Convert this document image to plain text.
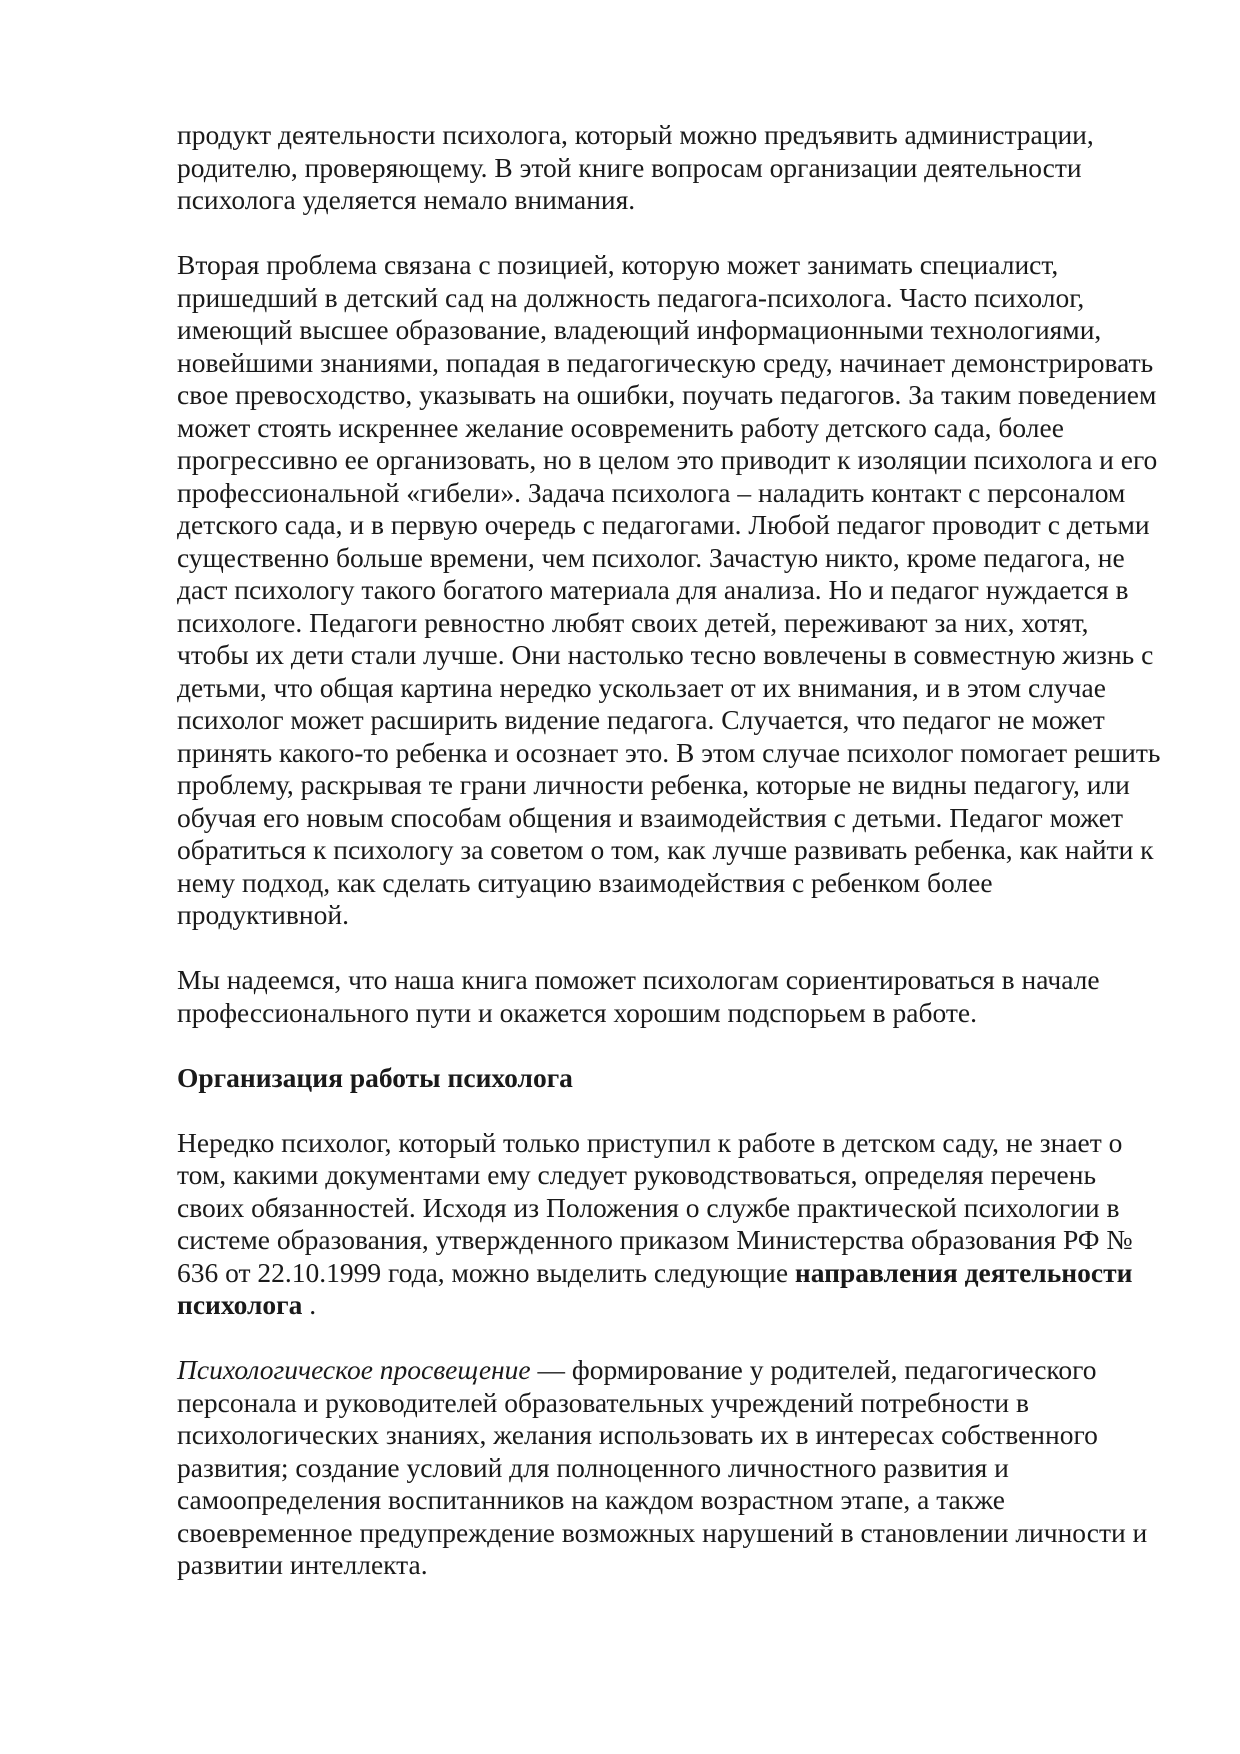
продукт деятельности психолога, который можно предъявить администрации, родителю, проверяющему. В этой книге вопросам организации деятельности психолога уделяется немало внимания.

Вторая проблема связана с позицией, которую может занимать специалист, пришедший в детский сад на должность педагога-психолога. Часто психолог, имеющий высшее образование, владеющий информационными технологиями, новейшими знаниями, попадая в педагогическую среду, начинает демонстрировать свое превосходство, указывать на ошибки, поучать педагогов. За таким поведением может стоять искреннее желание осовременить работу детского сада, более прогрессивно ее организовать, но в целом это приводит к изоляции психолога и его профессиональной «гибели». Задача психолога – наладить контакт с персоналом детского сада, и в первую очередь с педагогами. Любой педагог проводит с детьми существенно больше времени, чем психолог. Зачастую никто, кроме педагога, не даст психологу такого богатого материала для анализа. Но и педагог нуждается в психологе. Педагоги ревностно любят своих детей, переживают за них, хотят, чтобы их дети стали лучше. Они настолько тесно вовлечены в совместную жизнь с детьми, что общая картина нередко ускользает от их внимания, и в этом случае психолог может расширить видение педагога. Случается, что педагог не может принять какого-то ребенка и осознает это. В этом случае психолог помогает решить проблему, раскрывая те грани личности ребенка, которые не видны педагогу, или обучая его новым способам общения и взаимодействия с детьми. Педагог может обратиться к психологу за советом о том, как лучше развивать ребенка, как найти к нему подход, как сделать ситуацию взаимодействия с ребенком более продуктивной.

Мы надеемся, что наша книга поможет психологам сориентироваться в начале профессионального пути и окажется хорошим подспорьем в работе.

Организация работы психолога

Нередко психолог, который только приступил к работе в детском саду, не знает о том, какими документами ему следует руководствоваться, определяя перечень своих обязанностей. Исходя из Положения о службе практической психологии в системе образования, утвержденного приказом Министерства образования РФ № 636 от 22.10.1999 года, можно выделить следующие направления деятельности психолога .

Психологическое просвещение — формирование у родителей, педагогического персонала и руководителей образовательных учреждений потребности в психологических знаниях, желания использовать их в интересах собственного развития; создание условий для полноценного личностного развития и самоопределения воспитанников на каждом возрастном этапе, а также своевременное предупреждение возможных нарушений в становлении личности и развитии интеллекта.
